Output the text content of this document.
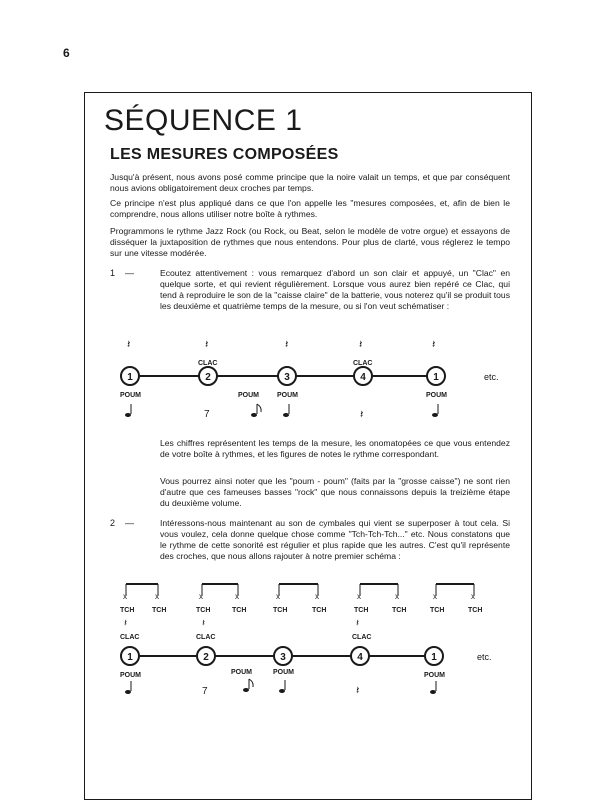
6
SÉQUENCE 1
LES MESURES COMPOSÉES

Jusqu'à présent, nous avons posé comme principe que la noire valait un temps, et que par conséquent nous avions obligatoirement deux croches par temps.

Ce principe n'est plus appliqué dans ce que l'on appelle les "mesures composées, et, afin de bien le comprendre, nous allons utiliser notre boîte à rythmes.

Programmons le rythme Jazz Rock (ou Rock, ou Beat, selon le modèle de votre orgue) et essayons de disséquer la juxtaposition de rythmes que nous entendons. Pour plus de clarté, vous réglerez le tempo sur une vitesse modérée.

1 —	Ecoutez attentivement : vous remarquez d'abord un son clair et appuyé, un "Clac" en quelque sorte, et qui revient régulièrement. Lorsque vous aurez bien repéré ce Clac, qui tend à reproduire le son de la "caisse claire" de la batterie, vous noterez qu'il se produit tous les deuxième et quatrième temps de la mesure, ou si l'on veut schématiser :

𝄽	𝄽	𝄽
𝄽	𝄽
CLAC	CLAC
1	2	3	4	1	etc.
POUM	POUM	POUM	POUM
7	𝄽

Les chiffres représentent les temps de la mesure, les onomatopées ce que vous entendez de votre boîte à rythmes, et les figures de notes le rythme correspondant.

Vous pourrez ainsi noter que les "poum - poum" (faits par la "grosse caisse") ne sont rien d'autre que ces fameuses basses "rock" que nous connaissons depuis la treizième étape du deuxième volume.

2 —	Intéressons-nous maintenant au son de cymbales qui vient se superposer à tout cela. Si vous voulez, cela donne quelque chose comme "Tch-Tch-Tch..." etc. Nous constatons que le rythme de cette sonorité est régulier et plus rapide que les autres. C'est qu'il représente des croches, que nous allons rajouter à notre premier schéma :

x	x	x	x	x	x	x	x	x	x
TCH	TCH	TCH	TCH	TCH	TCH	TCH	TCH	TCH	TCH
𝄽	𝄽	𝄽
CLAC	CLAC	CLAC
1	2	3	4	1	etc.
POUM	POUM	POUM	POUM
7	𝄽
